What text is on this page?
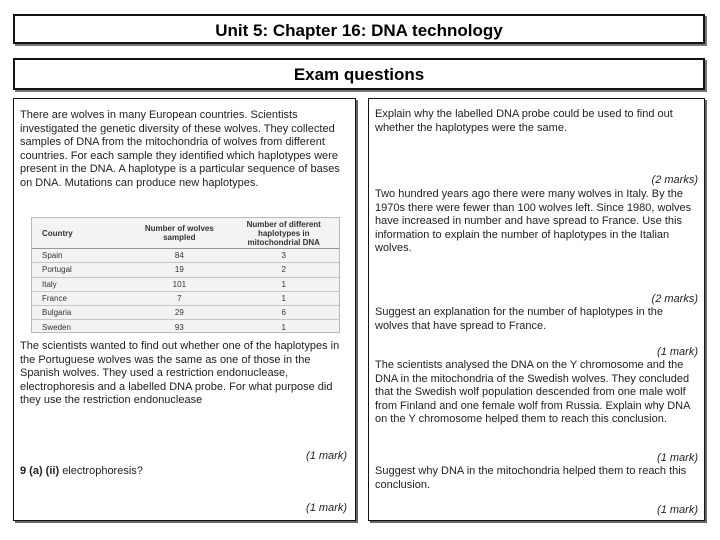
Unit 5: Chapter 16: DNA technology
Exam questions
There are wolves in many European countries. Scientists investigated the genetic diversity of these wolves. They collected samples of DNA from the mitochondria of wolves from different countries. For each sample they identified which haplotypes were present in the DNA. A haplotype is a particular sequence of bases on DNA. Mutations can produce new haplotypes.
Country	Number of wolves sampled	Number of different haplotypes in mitochondrial DNA
Spain	84	3
Portugal	19	2
Italy	101	1
France	7	1
Bulgaria	29	6
Sweden	93	1
The scientists wanted to find out whether one of the haplotypes in the Portuguese wolves was the same as one of those in the Spanish wolves. They used a restriction endonuclease, electrophoresis and a labelled DNA probe. For what purpose did they use the restriction endonuclease
(1 mark)
9 (a) (ii) electrophoresis?
(1 mark)
Explain why the labelled DNA probe could be used to find out whether the haplotypes were the same.
(2 marks)
Two hundred years ago there were many wolves in Italy. By the 1970s there were fewer than 100 wolves left. Since 1980, wolves have increased in number and have spread to France. Use this information to explain the number of haplotypes in the Italian wolves.
(2 marks)
Suggest an explanation for the number of haplotypes in the wolves that have spread to France.
(1 mark)
The scientists analysed the DNA on the Y chromosome and the DNA in the mitochondria of the Swedish wolves. They concluded that the Swedish wolf population descended from one male wolf from Finland and one female wolf from Russia. Explain why DNA on the Y chromosome helped them to reach this conclusion.
(1 mark)
Suggest why DNA in the mitochondria helped them to reach this conclusion.
(1 mark)
